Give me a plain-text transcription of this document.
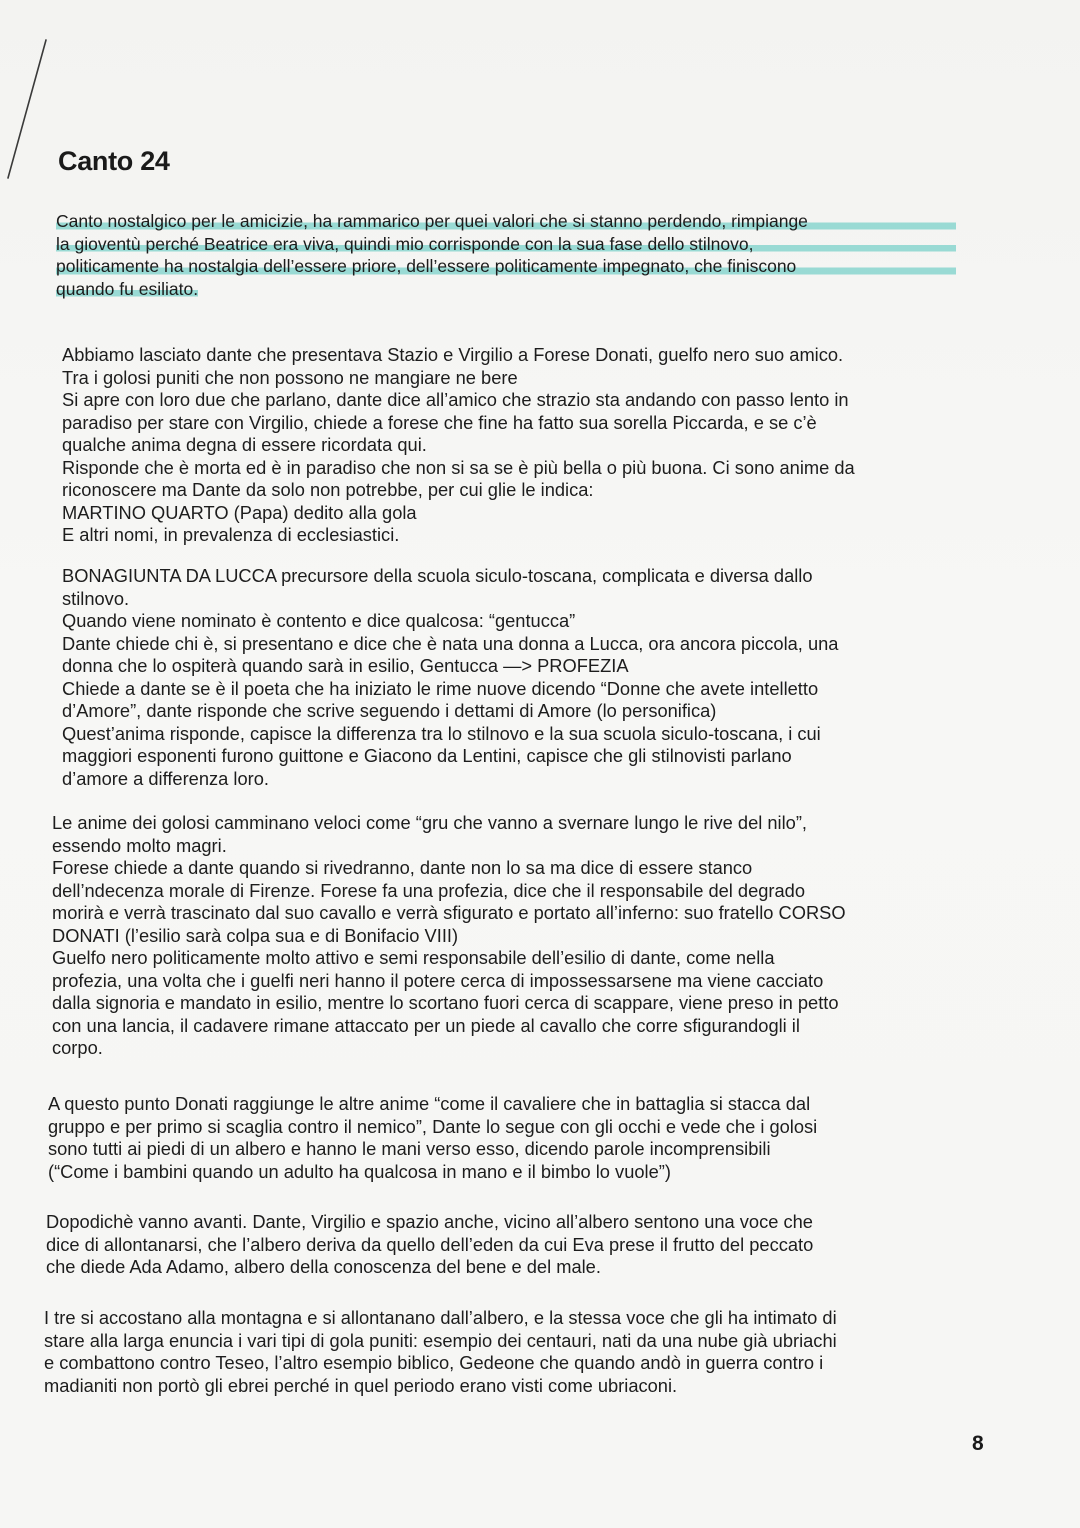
Canto 24

Canto nostalgico per le amicizie, ha rammarico per quei valori che si stanno perdendo, rimpiange
la gioventù perché Beatrice era viva, quindi mio corrisponde con la sua fase dello stilnovo,
politicamente ha nostalgia dell’essere priore, dell’essere politicamente impegnato, che finiscono
quando fu esiliato.

Abbiamo lasciato dante che presentava Stazio e Virgilio a Forese Donati, guelfo nero suo amico.
Tra i golosi puniti che non possono ne mangiare ne bere
Si apre con loro due che parlano, dante dice all’amico che strazio sta andando con passo lento in
paradiso per stare con Virgilio, chiede a forese che fine ha fatto sua sorella Piccarda, e se c’è
qualche anima degna di essere ricordata qui.
Risponde che è morta ed è in paradiso che non si sa se è più bella o più buona. Ci sono anime da
riconoscere ma Dante da solo non potrebbe, per cui glie le indica:
MARTINO QUARTO (Papa) dedito alla gola
E altri nomi, in prevalenza di ecclesiastici.

BONAGIUNTA DA LUCCA precursore della scuola siculo-toscana, complicata e diversa dallo
stilnovo.
Quando viene nominato è contento e dice qualcosa: “gentucca”
Dante chiede chi è, si presentano e dice che è nata una donna a Lucca, ora ancora piccola, una
donna che lo ospiterà quando sarà in esilio, Gentucca —> PROFEZIA
Chiede a dante se è il poeta che ha iniziato le rime nuove dicendo “Donne che avete intelletto
d’Amore”, dante risponde che scrive seguendo i dettami di Amore (lo personifica)
Quest’anima risponde, capisce la differenza tra lo stilnovo e la sua scuola siculo-toscana, i cui
maggiori esponenti furono guittone e Giacono da Lentini, capisce che gli stilnovisti parlano
d’amore a differenza loro.

Le anime dei golosi camminano veloci come “gru che vanno a svernare lungo le rive del nilo”,
essendo molto magri.
Forese chiede a dante quando si rivedranno, dante non lo sa ma dice di essere stanco
dell’ndecenza morale di Firenze. Forese fa una profezia, dice che il responsabile del degrado
morirà e verrà trascinato dal suo cavallo e verrà sfigurato e portato all’inferno: suo fratello CORSO
DONATI (l’esilio sarà colpa sua e di Bonifacio VIII)
Guelfo nero politicamente molto attivo e semi responsabile dell’esilio di dante, come nella
profezia, una volta che i guelfi neri hanno il potere cerca di impossessarsene ma viene cacciato
dalla signoria e mandato in esilio, mentre lo scortano fuori cerca di scappare, viene preso in petto
con una lancia, il cadavere rimane attaccato per un piede al cavallo che corre sfigurandogli il
corpo.

A questo punto Donati raggiunge le altre anime “come il cavaliere che in battaglia si stacca dal
gruppo e per primo si scaglia contro il nemico”, Dante lo segue con gli occhi e vede che i golosi
sono tutti ai piedi di un albero e hanno le mani verso esso, dicendo parole incomprensibili
(“Come i bambini quando un adulto ha qualcosa in mano e il bimbo lo vuole”)

Dopodichè vanno avanti. Dante, Virgilio e spazio anche, vicino all’albero sentono una voce che
dice di allontanarsi, che l’albero deriva da quello dell’eden da cui Eva prese il frutto del peccato
che diede Ada Adamo, albero della conoscenza del bene e del male.

I tre si accostano alla montagna e si allontanano dall’albero, e la stessa voce che gli ha intimato di
stare alla larga enuncia i vari tipi di gola puniti: esempio dei centauri, nati da una nube già ubriachi
e combattono contro Teseo, l’altro esempio biblico, Gedeone che quando andò in guerra contro i
madianiti non portò gli ebrei perché in quel periodo erano visti come ubriaconi.

8
